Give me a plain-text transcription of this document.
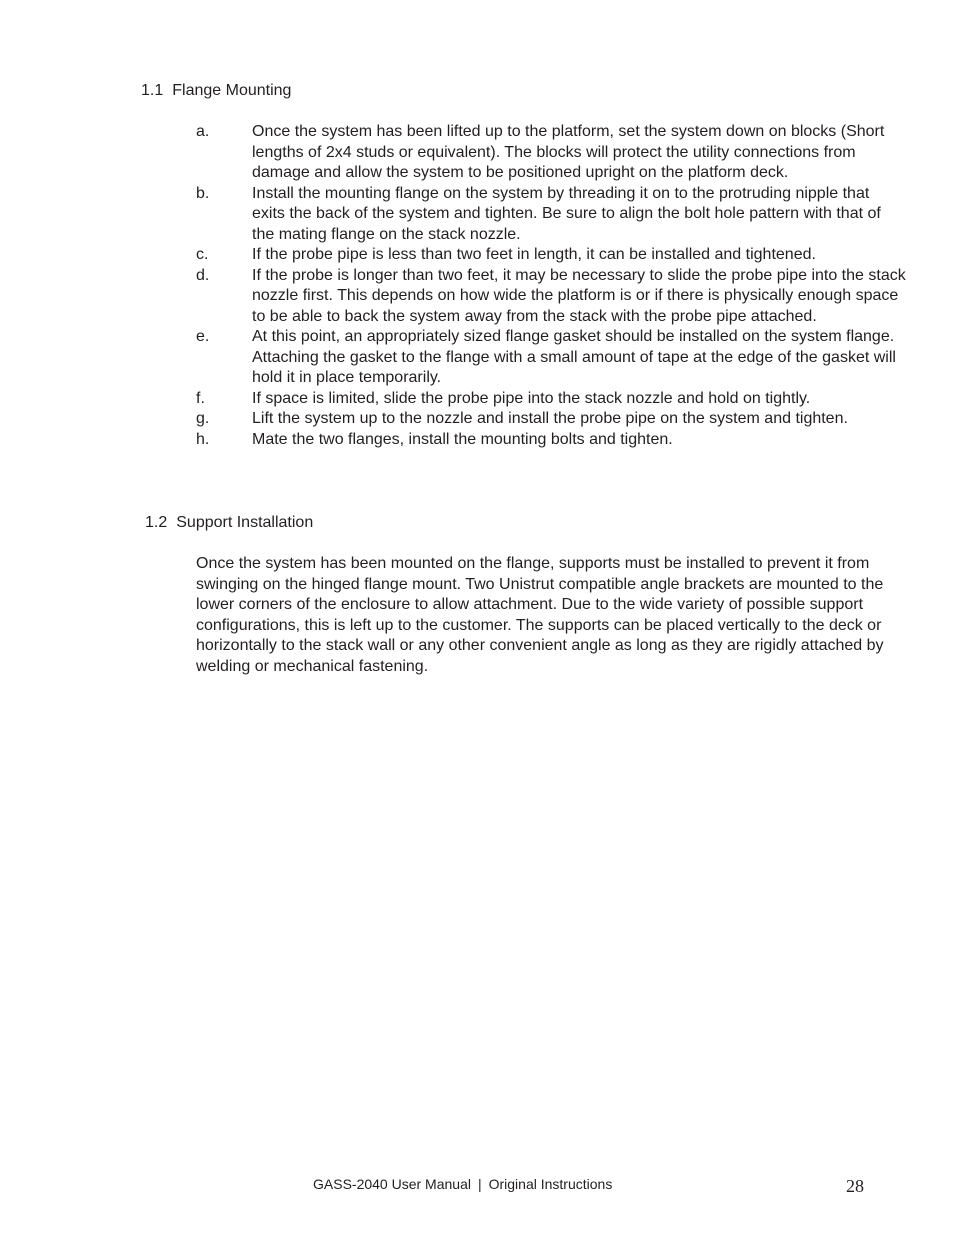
1.1 Flange Mounting
a.	Once the system has been lifted up to the platform, set the system down on blocks (Short lengths of 2x4 studs or equivalent). The blocks will protect the utility connections from damage and allow the system to be positioned upright on the platform deck.
b.	Install the mounting flange on the system by threading it on to the protruding nipple that exits the back of the system and tighten. Be sure to align the bolt hole pattern with that of the mating flange on the stack nozzle.
c.	If the probe pipe is less than two feet in length, it can be installed and tightened.
d.	If the probe is longer than two feet, it may be necessary to slide the probe pipe into the stack nozzle first. This depends on how wide the platform is or if there is physically enough space to be able to back the system away from the stack with the probe pipe attached.
e.	At this point, an appropriately sized flange gasket should be installed on the system flange. Attaching the gasket to the flange with a small amount of tape at the edge of the gasket will hold it in place temporarily.
f.	If space is limited, slide the probe pipe into the stack nozzle and hold on tightly.
g.	Lift the system up to the nozzle and install the probe pipe on the system and tighten.
h.	Mate the two flanges, install the mounting bolts and tighten.
1.2 Support Installation

Once the system has been mounted on the flange, supports must be installed to prevent it from swinging on the hinged flange mount. Two Unistrut compatible angle brackets are mounted to the lower corners of the enclosure to allow attachment. Due to the wide variety of possible support configurations, this is left up to the customer. The supports can be placed vertically to the deck or horizontally to the stack wall or any other convenient angle as long as they are rigidly attached by welding or mechanical fastening.

GASS-2040 User Manual | Original Instructions	28
